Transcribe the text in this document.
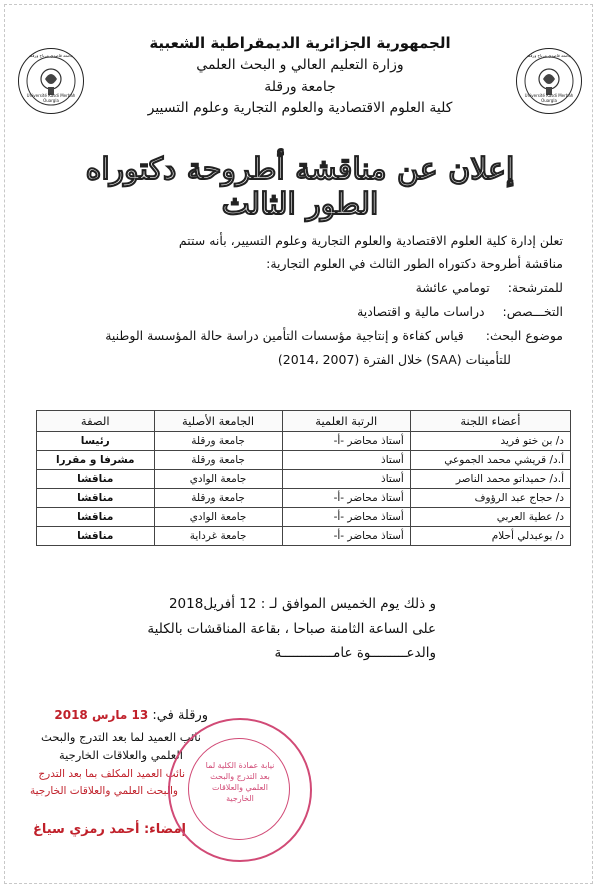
جامعة قاصدي مرباح ورقلة
Université Kasdi Merbah Ouargla
جامعة قاصدي مرباح ورقلة
Université Kasdi Merbah Ouargla
الجمهورية الجزائرية الديمقراطية الشعبية
وزارة التعليم العالي و البحث العلمي
جامعة ورقلة
كلية العلوم الاقتصادية والعلوم التجارية وعلوم التسيير
إعلان عن مناقشة أطروحة دكتوراه الطور الثالث
تعلن إدارة كلية العلوم الاقتصادية والعلوم التجارية وعلوم التسيير، بأنه ستتم
مناقشة أطروحة دكتوراه الطور الثالث في العلوم التجارية:
للمترشحة:  تومامي عائشة
التخـــصص:  دراسات مالية و اقتصادية
موضوع البحث:  قياس كفاءة و إنتاجية مؤسسات التأمين دراسة حالة المؤسسة الوطنية
للتأمينات (SAA) خلال الفترة (2007 ،2014)
أعضاء اللجنة	الرتبة العلمية	الجامعة الأصلية	الصفة
د/ بن ختو فريد	أستاذ محاضر -أ-	جامعة ورقلة	رئيسا
أ.د/ قريشي محمد الجموعي	أستاذ	جامعة ورقلة	مشرفا و مقررا
أ.د/ حميداتو محمد الناصر	أستاذ	جامعة الوادي	مناقشا
د/ حجاج عبد الرؤوف	أستاذ محاضر -أ-	جامعة ورقلة	مناقشا
د/ عطية العربي	أستاذ محاضر -أ-	جامعة الوادي	مناقشا
د/ بوعبدلي أحلام	أستاذ محاضر -أ-	جامعة غرداية	مناقشا
و ذلك يوم الخميس الموافق لـ : 12 أفريل2018
على الساعة الثامنة صباحا ، بقاعة المناقشات بالكلية
والدعـــــــــوة عامـــــــــــــة
ورقلة في: 13 مارس 2018
نائب العميد لما بعد التدرج والبحث
العلمي والعلاقات الخارجية
نائب العميد المكلف بما بعد التدرج
والبحث العلمي والعلاقات الخارجية
إمضاء: أحمد رمزي سياغ
نيابة عمادة الكلية لما بعد التدرج والبحث العلمي والعلاقات الخارجية
